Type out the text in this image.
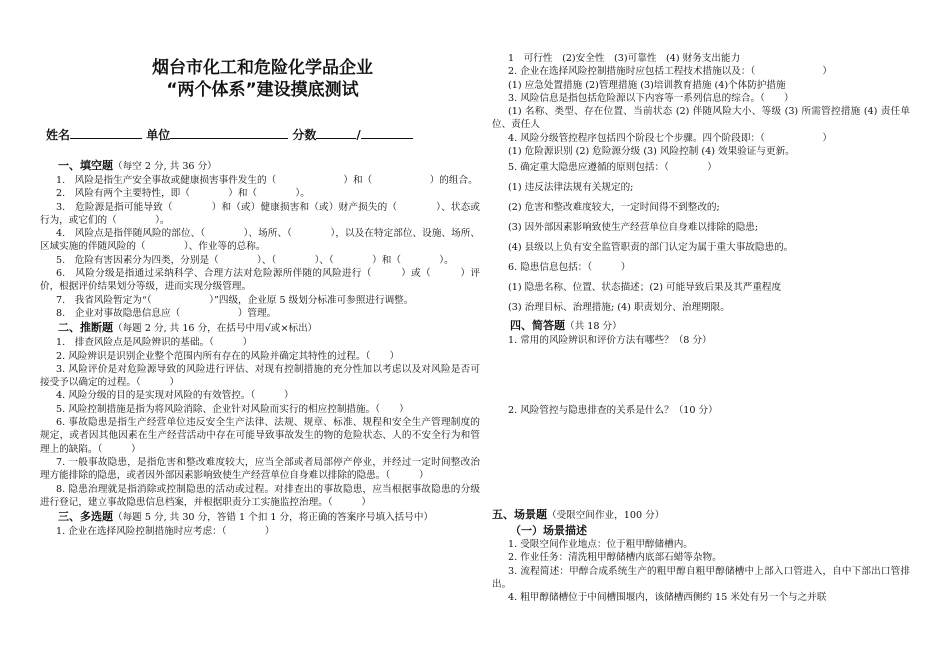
烟台市化工和危险化学品企业
“两个体系”建设摸底测试
姓名	单位	分数	/

一、填空题（每空 2 分, 共 36 分）

1.　风险是指生产安全事故或健康损害事件发生的（　　　　　　　）和（　　　　　　）的组合。

2.　风险有两个主要特性，即（　　　　）和（　　　　）。

3.　危险源是指可能导致（　　　　）和（或）健康损害和（或）财产损失的（　　　　）、状态或行为，或它们的（　　　　）。

4.　风险点是指伴随风险的部位、（　　　　）、场所、（　　　　），以及在特定部位、设施、场所、区域实施的伴随风险的（　　　　）、作业等的总称。

5.　危险有害因素分为四类，分别是（　　　　）、（　　　　）、（　　　　）和（　　　　）。

6.　风险分级是指通过采纳科学、合理方法对危险源所伴随的风险进行（　　　）或（　　　）评价，根据评价结果划分等级，进而实现分级管理。

7.　我省风险暂定为“（　　　　　　）”四级，企业原 5 级划分标准可参照进行调整。

8.　企业对事故隐患信息应（　　　　　　）管理。

二、推断题（每题 2 分, 共 16 分，在括号中用√或×标出）

1.　排查风险点是风险辨识的基础。（　　　）

2. 风险辨识是识别企业整个范围内所有存在的风险并确定其特性的过程。（　　）

3. 风险评价是对危险源导致的风险进行评估、对现有控制措施的充分性加以考虑以及对风险是否可接受予以确定的过程。（　　　）

4. 风险分级的目的是实现对风险的有效管控。（　　　）

5. 风险控制措施是指为将风险消除、企业针对风险而实行的相应控制措施。（　　）

6. 事故隐患是指生产经营单位违反安全生产法律、法规、规章、标准、规程和安全生产管理制度的规定，或者因其他因素在生产经营活动中存在可能导致事故发生的物的危险状态、人的不安全行为和管理上的缺陷。（　　　）

7. 一般事故隐患，是指危害和整改难度较大，应当全部或者局部停产停业，并经过一定时间整改治理方能排除的隐患，或者因外部因素影响致使生产经营单位自身难以排除的隐患。（　　　）

8. 隐患治理就是指消除或控制隐患的活动或过程。对排查出的事故隐患，应当根据事故隐患的分级进行登记，建立事故隐患信息档案，并根据职责分工实施监控治理。（　　　）

三、多选题（每题 5 分, 共 30 分，答错 1 个扣 1 分，将正确的答案序号填入括号中）

1. 企业在选择风险控制措施时应考虑：（　　　　）

1　可行性　(2)安全性　(3)可靠性　(4) 财务支出能力

2. 企业在选择风险控制措施时应包括工程技术措施以及：（　　　　　　　）

(1) 应急处置措施 (2)管理措施 (3)培训教育措施 (4)个体防护措施

3. 风险信息是指包括危险源以下内容等一系列信息的综合。（　　）

(1) 名称、类型、存在位置、当前状态 (2) 伴随风险大小、等级 (3) 所需管控措施 (4) 责任单位、责任人

4. 风险分级管控程序包括四个阶段七个步骤。四个阶段即：（　　　　　　）

(1) 危险源识别 (2) 危险源分级 (3) 风险控制 (4) 效果验证与更新。

5. 确定重大隐患应遵循的原则包括：（　　　　）

(1) 违反法律法规有关规定的;

(2) 危害和整改难度较大，一定时间得不到整改的;

(3) 因外部因素影响致使生产经营单位自身难以排除的隐患;

(4) 县级以上负有安全监管职责的部门认定为属于重大事故隐患的。

6. 隐患信息包括：（　　　）

(1) 隐患名称、位置、状态描述；(2) 可能导致后果及其严重程度

(3) 治理目标、治理措施; (4) 职责划分、治理期限。

四、简答题（共 18 分）

1. 常用的风险辨识和评价方法有哪些？（8 分）

2. 风险管控与隐患排查的关系是什么？（10 分）

五、场景题（受限空间作业，100 分）

（一）场景描述

1. 受限空间作业地点：位于粗甲醇储槽内。

2. 作业任务：清洗粗甲醇储槽内底部石蜡等杂物。

3. 流程简述：甲醇合成系统生产的粗甲醇自粗甲醇储槽中上部入口管进入，自中下部出口管排出。

4. 粗甲醇储槽位于中间槽围堰内，该储槽西侧约 15 米处有另一个与之并联
